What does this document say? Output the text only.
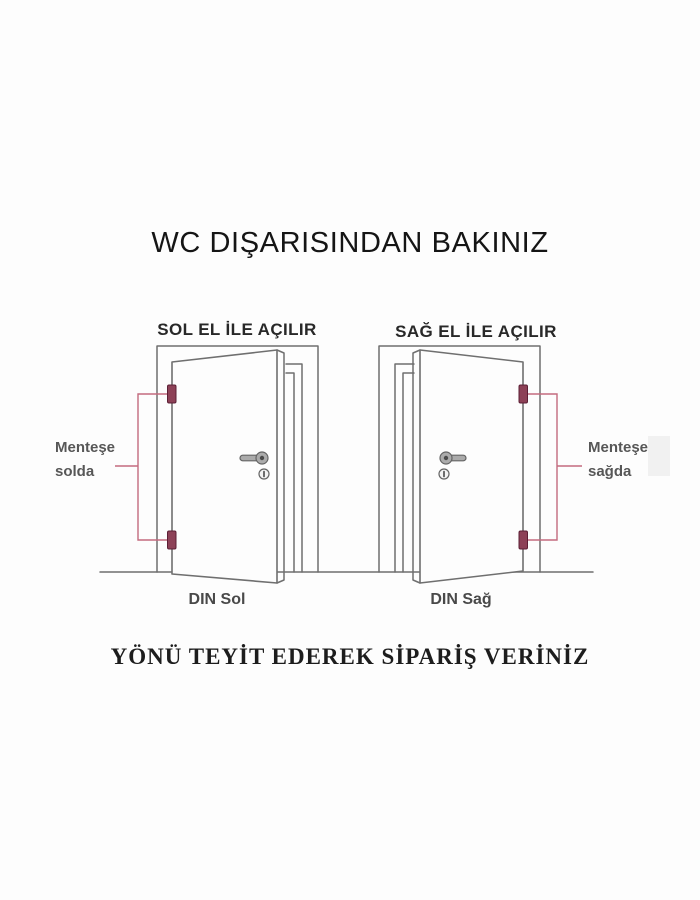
WC DIŞARISINDAN BAKINIZ
SOL EL İLE AÇILIR	SAĞ EL İLE AÇILIR
Menteşe
solda
Menteşe
sağda
DIN Sol	DIN Sağ
YÖNÜ TEYİT EDEREK SİPARİŞ VERİNİZ
